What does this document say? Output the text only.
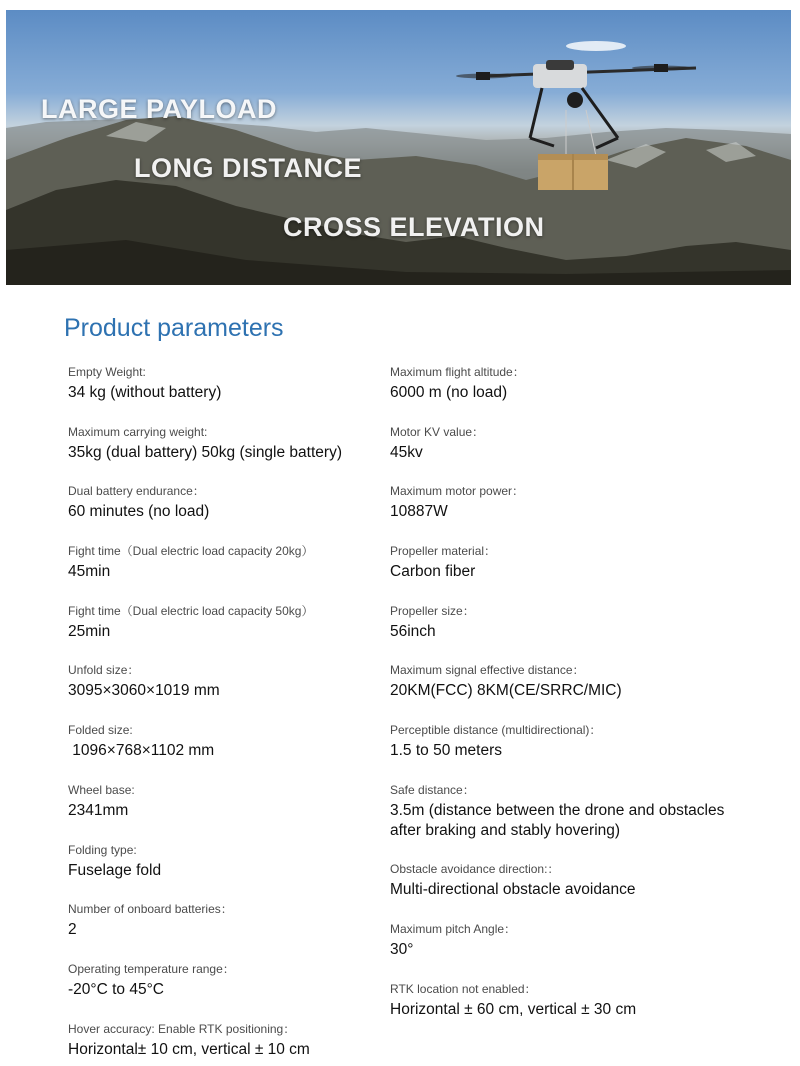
LARGE PAYLOAD
LONG DISTANCE
CROSS ELEVATION
Product parameters
Empty Weight:
34 kg (without battery)
Maximum carrying weight:
35kg (dual battery) 50kg (single battery)
Dual battery endurance：
60 minutes (no load)
Fight time（Dual electric load capacity 20kg）
45min
Fight time（Dual electric load capacity 50kg）
25min
Unfold size：
3095×3060×1019 mm
Folded size:
1096×768×1102 mm
Wheel base:
2341mm
Folding type:
Fuselage fold
Number of onboard batteries：
2
Operating temperature range：
-20°C to 45°C
Hover accuracy: Enable RTK positioning：
Horizontal± 10 cm, vertical ± 10 cm
Maximum flight altitude：
6000 m (no load)
Motor KV value：
45kv
Maximum motor power：
10887W
Propeller material：
Carbon fiber
Propeller size：
56inch
Maximum signal effective distance：
20KM(FCC) 8KM(CE/SRRC/MIC)
Perceptible distance (multidirectional)：
1.5 to 50 meters
Safe distance：
3.5m (distance between the drone and obstacles after braking and stably hovering)
Obstacle avoidance direction:：
Multi-directional obstacle avoidance
Maximum pitch Angle：
30°
RTK location not enabled：
Horizontal ± 60 cm, vertical ± 30 cm
